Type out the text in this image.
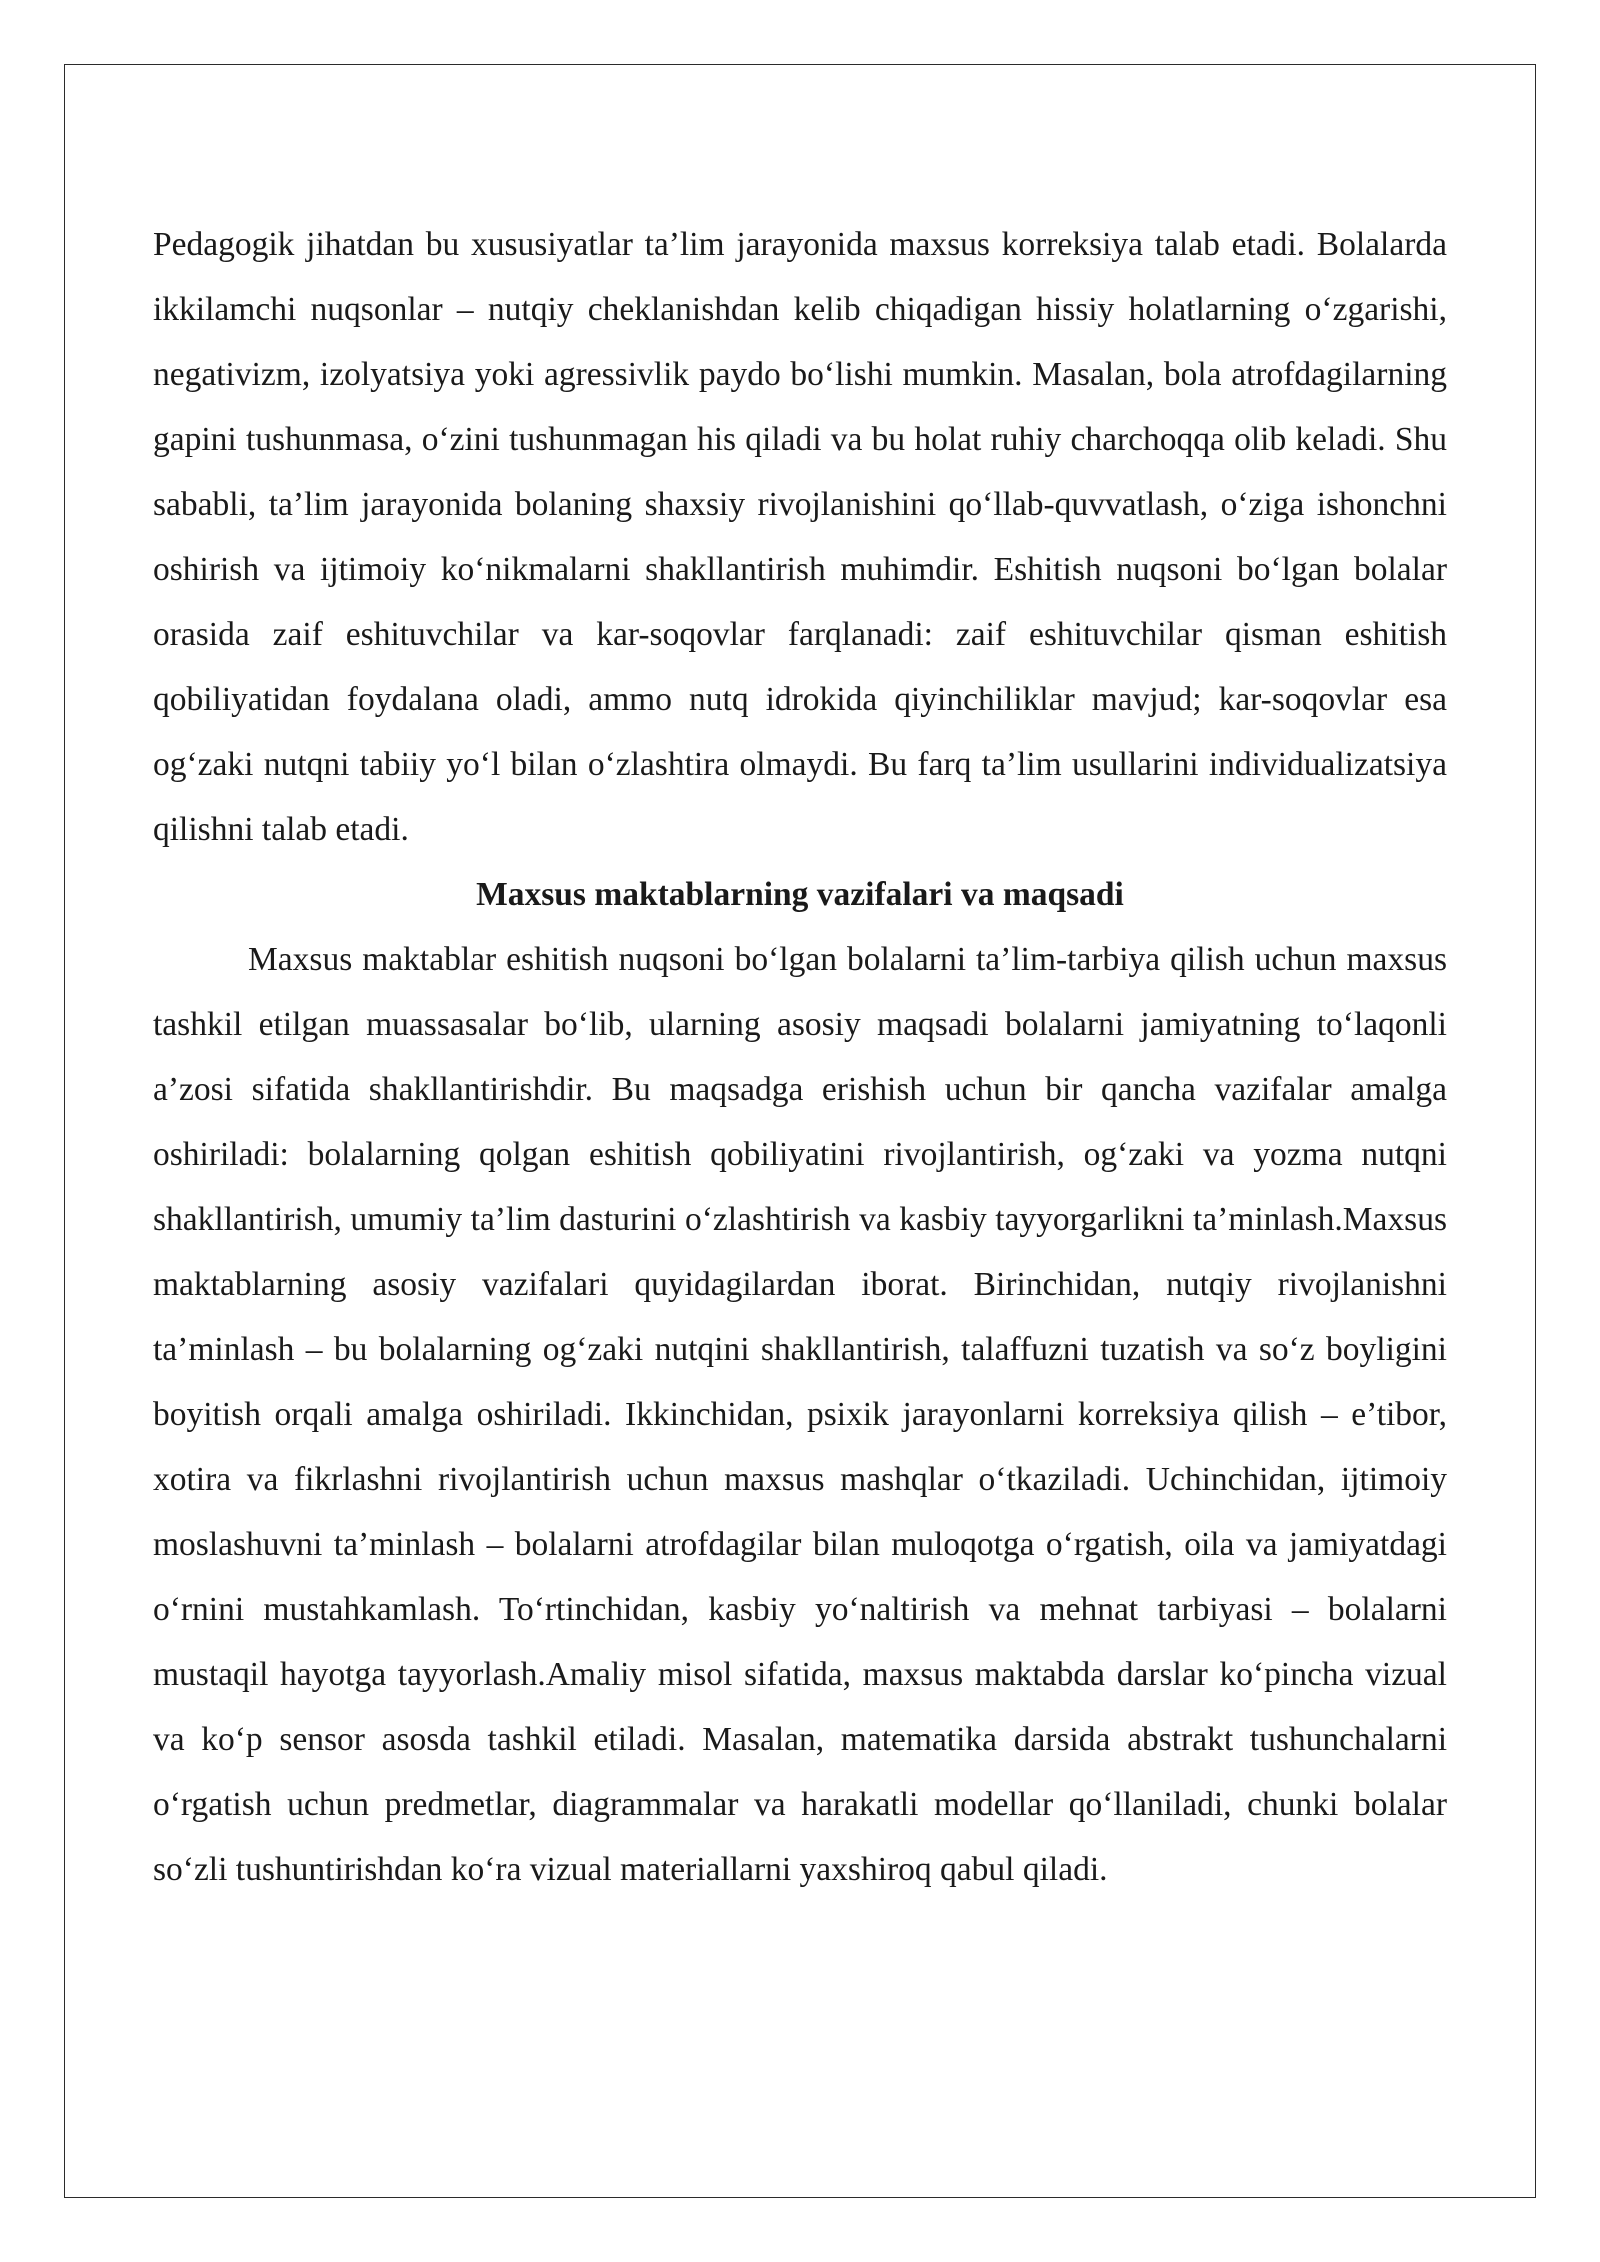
Pedagogik jihatdan bu xususiyatlar ta’lim jarayonida maxsus korreksiya talab etadi. Bolalarda ikkilamchi nuqsonlar – nutqiy cheklanishdan kelib chiqadigan hissiy holatlarning o‘zgarishi, negativizm, izolyatsiya yoki agressivlik paydo bo‘lishi mumkin. Masalan, bola atrofdagilarning gapini tushunmasa, o‘zini tushunmagan his qiladi va bu holat ruhiy charchoqqa olib keladi. Shu sababli, ta’lim jarayonida bolaning shaxsiy rivojlanishini qo‘llab-quvvatlash, o‘ziga ishonchni oshirish va ijtimoiy ko‘nikmalarni shakllantirish muhimdir. Eshitish nuqsoni bo‘lgan bolalar orasida zaif eshituvchilar va kar-soqovlar farqlanadi: zaif eshituvchilar qisman eshitish qobiliyatidan foydalana oladi, ammo nutq idrokida qiyinchiliklar mavjud; kar-soqovlar esa og‘zaki nutqni tabiiy yo‘l bilan o‘zlashtira olmaydi. Bu farq ta’lim usullarini individualizatsiya qilishni talab etadi.

Maxsus maktablarning vazifalari va maqsadi

Maxsus maktablar eshitish nuqsoni bo‘lgan bolalarni ta’lim-tarbiya qilish uchun maxsus tashkil etilgan muassasalar bo‘lib, ularning asosiy maqsadi bolalarni jamiyatning to‘laqonli a’zosi sifatida shakllantirishdir. Bu maqsadga erishish uchun bir qancha vazifalar amalga oshiriladi: bolalarning qolgan eshitish qobiliyatini rivojlantirish, og‘zaki va yozma nutqni shakllantirish, umumiy ta’lim dasturini o‘zlashtirish va kasbiy tayyorgarlikni ta’minlash.Maxsus maktablarning asosiy vazifalari quyidagilardan iborat. Birinchidan, nutqiy rivojlanishni ta’minlash – bu bolalarning og‘zaki nutqini shakllantirish, talaffuzni tuzatish va so‘z boyligini boyitish orqali amalga oshiriladi. Ikkinchidan, psixik jarayonlarni korreksiya qilish – e’tibor, xotira va fikrlashni rivojlantirish uchun maxsus mashqlar o‘tkaziladi. Uchinchidan, ijtimoiy moslashuvni ta’minlash – bolalarni atrofdagilar bilan muloqotga o‘rgatish, oila va jamiyatdagi o‘rnini mustahkamlash. To‘rtinchidan, kasbiy yo‘naltirish va mehnat tarbiyasi – bolalarni mustaqil hayotga tayyorlash.Amaliy misol sifatida, maxsus maktabda darslar ko‘pincha vizual va ko‘p sensor asosda tashkil etiladi. Masalan, matematika darsida abstrakt tushunchalarni o‘rgatish uchun predmetlar, diagrammalar va harakatli modellar qo‘llaniladi, chunki bolalar so‘zli tushuntirishdan ko‘ra vizual materiallarni yaxshiroq qabul qiladi.
